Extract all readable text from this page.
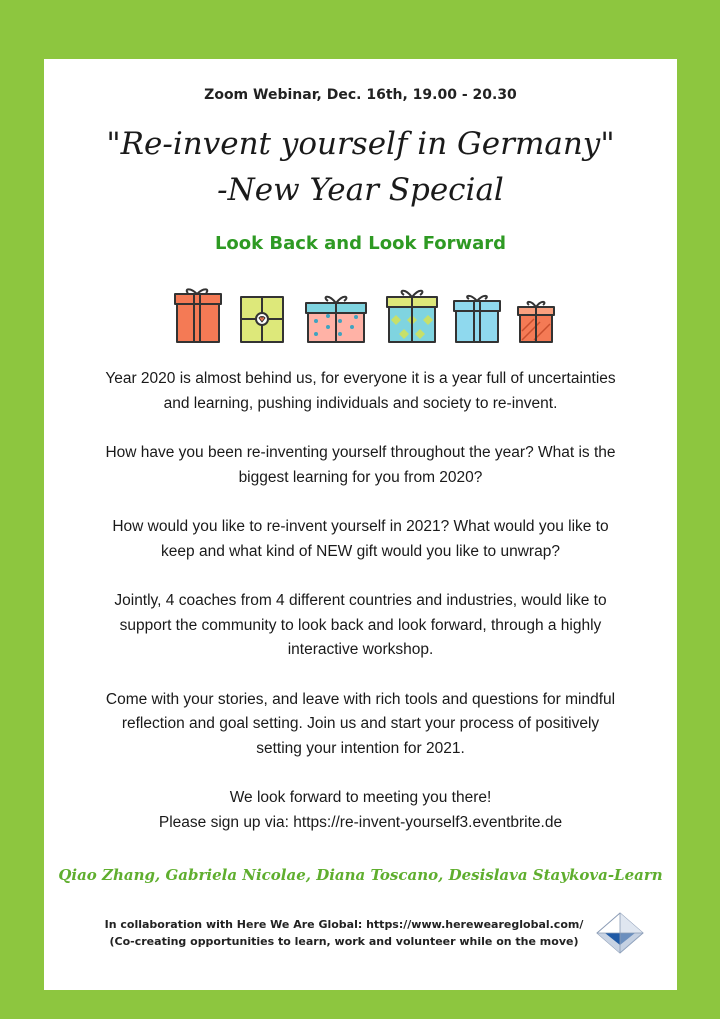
Zoom Webinar, Dec. 16th, 19.00 - 20.30
"Re-invent yourself in Germany"
-New Year Special
Look Back and Look Forward

Year 2020 is almost behind us, for everyone it is a year full of uncertainties
and learning, pushing individuals and society to re-invent.

How have you been re-inventing yourself throughout the year? What is the
biggest learning for you from 2020?

How would you like to re-invent yourself in 2021? What would you like to
keep and what kind of NEW gift would you like to unwrap?

Jointly, 4 coaches from 4 different countries and industries, would like to
support the community to look back and look forward, through a highly
interactive workshop.

Come with your stories, and leave with rich tools and questions for mindful
reflection and goal setting. Join us and start your process of positively
setting your intention for 2021.

We look forward to meeting you there!
Please sign up via: https://re-invent-yourself3.eventbrite.de

Qiao Zhang, Gabriela Nicolae, Diana Toscano, Desislava Staykova-Learn
In collaboration with Here We Are Global: https://www.hereweareglobal.com/
(Co-creating opportunities to learn, work and volunteer while on the move)
